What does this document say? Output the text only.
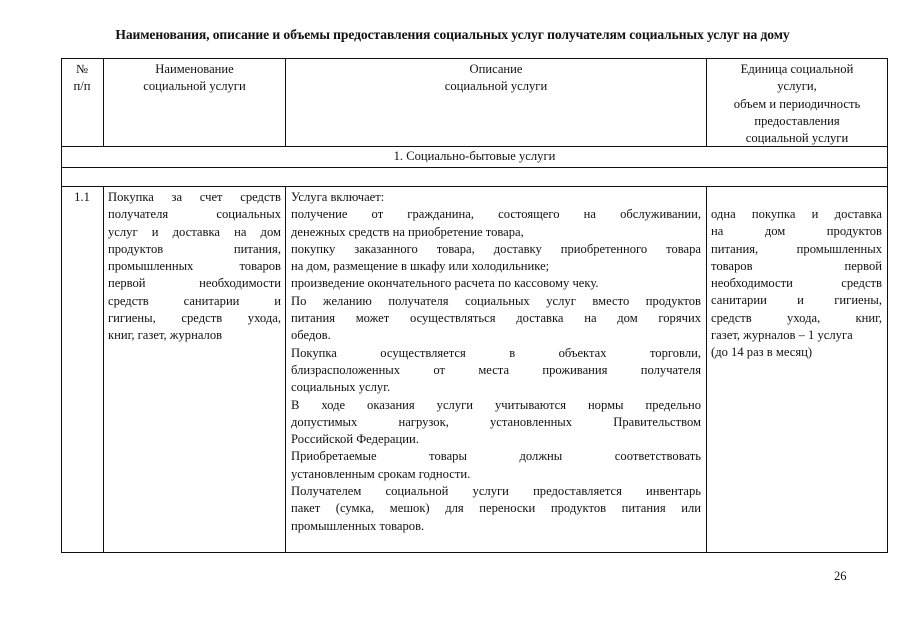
Наименования, описание и объемы предоставления социальных услуг получателям социальных услуг на дому
№
п/п
Наименование
социальной услуги
Описание
социальной услуги
Единица социальной
услуги,
объем и периодичность
предоставления
социальной услуги
1. Социально-бытовые услуги
1.1	Покупка за счет средств

получателя социальных

услуг и доставка на дом

продуктов питания,

промышленных товаров

первой необходимости

средств санитарии и

гигиены, средств ухода,

книг, газет, журналов

Услуга включает:

получение от гражданина, состоящего на обслуживании,

денежных средств на приобретение товара,

покупку заказанного товара, доставку приобретенного товара

на дом, размещение в шкафу или холодильнике;

произведение окончательного расчета по кассовому чеку.

По желанию получателя социальных услуг вместо продуктов

питания может осуществляться доставка на дом горячих

обедов.

Покупка осуществляется в объектах торговли,

близрасположенных от места проживания получателя

социальных услуг.

В ходе оказания услуги учитываются нормы предельно

допустимых нагрузок, установленных Правительством

Российской Федерации.

Приобретаемые товары должны соответствовать

установленным срокам годности.

Получателем социальной услуги предоставляется инвентарь

пакет (сумка, мешок) для переноски продуктов питания или

промышленных товаров.

одна покупка и доставка

на дом продуктов

питания, промышленных

товаров первой

необходимости средств

санитарии и гигиены,

средств ухода, книг,

газет, журналов – 1 услуга

(до 14 раз в месяц)

26
